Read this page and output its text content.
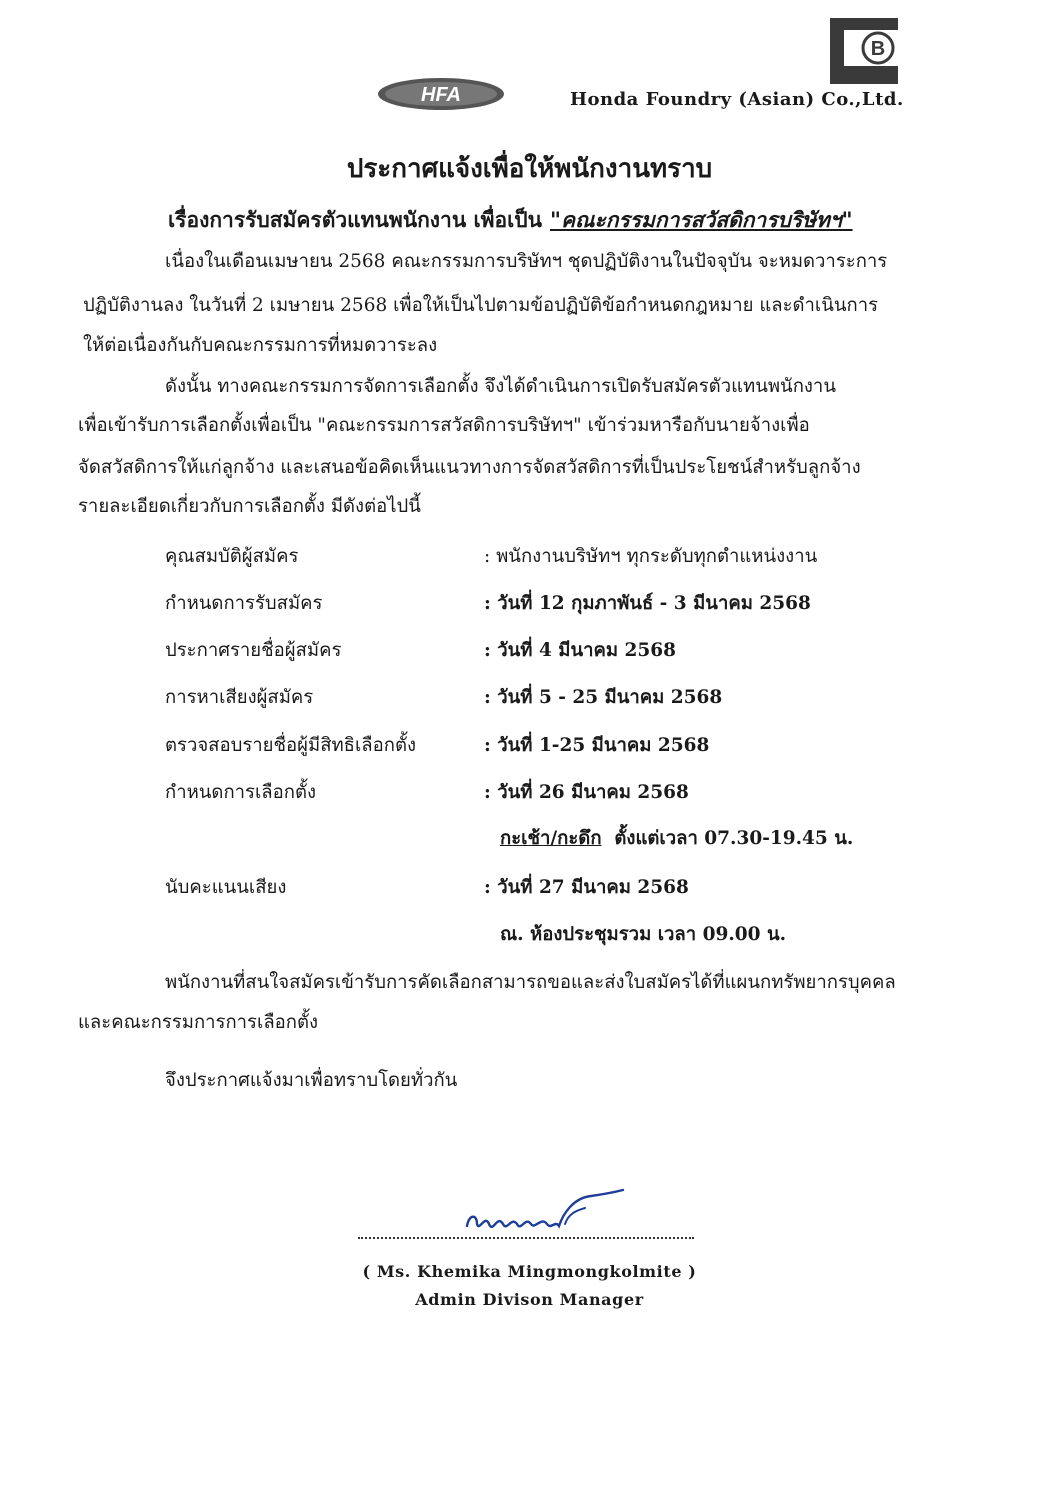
HFA
B
Honda Foundry (Asian) Co.,Ltd.
ประกาศแจ้งเพื่อให้พนักงานทราบ
เรื่องการรับสมัครตัวแทนพนักงาน เพื่อเป็น "คณะกรรมการสวัสดิการบริษัทฯ"
เนื่องในเดือนเมษายน 2568 คณะกรรมการบริษัทฯ ชุดปฏิบัติงานในปัจจุบัน จะหมดวาระการ
ปฏิบัติงานลง ในวันที่ 2 เมษายน 2568 เพื่อให้เป็นไปตามข้อปฏิบัติข้อกำหนดกฎหมาย และดำเนินการ
ให้ต่อเนื่องกันกับคณะกรรมการที่หมดวาระลง
ดังนั้น ทางคณะกรรมการจัดการเลือกตั้ง จึงได้ดำเนินการเปิดรับสมัครตัวแทนพนักงาน
เพื่อเข้ารับการเลือกตั้งเพื่อเป็น "คณะกรรมการสวัสดิการบริษัทฯ" เข้าร่วมหารือกับนายจ้างเพื่อ
จัดสวัสดิการให้แก่ลูกจ้าง และเสนอข้อคิดเห็นแนวทางการจัดสวัสดิการที่เป็นประโยชน์สำหรับลูกจ้าง
รายละเอียดเกี่ยวกับการเลือกตั้ง มีดังต่อไปนี้
คุณสมบัติผู้สมัคร	: พนักงานบริษัทฯ ทุกระดับทุกตำแหน่งงาน
กำหนดการรับสมัคร	: วันที่ 12 กุมภาพันธ์ - 3 มีนาคม 2568
ประกาศรายชื่อผู้สมัคร	: วันที่ 4 มีนาคม 2568
การหาเสียงผู้สมัคร	: วันที่ 5 - 25 มีนาคม 2568
ตรวจสอบรายชื่อผู้มีสิทธิเลือกตั้ง	: วันที่ 1-25 มีนาคม 2568
กำหนดการเลือกตั้ง	: วันที่ 26 มีนาคม 2568
กะเช้า/กะดึก ตั้งแต่เวลา 07.30-19.45 น.
นับคะแนนเสียง	: วันที่ 27 มีนาคม 2568
ณ. ห้องประชุมรวม เวลา 09.00 น.
พนักงานที่สนใจสมัครเข้ารับการคัดเลือกสามารถขอและส่งใบสมัครได้ที่แผนกทรัพยากรบุคคล
และคณะกรรมการการเลือกตั้ง
จึงประกาศแจ้งมาเพื่อทราบโดยทั่วกัน
( Ms. Khemika Mingmongkolmite )
Admin Divison Manager
